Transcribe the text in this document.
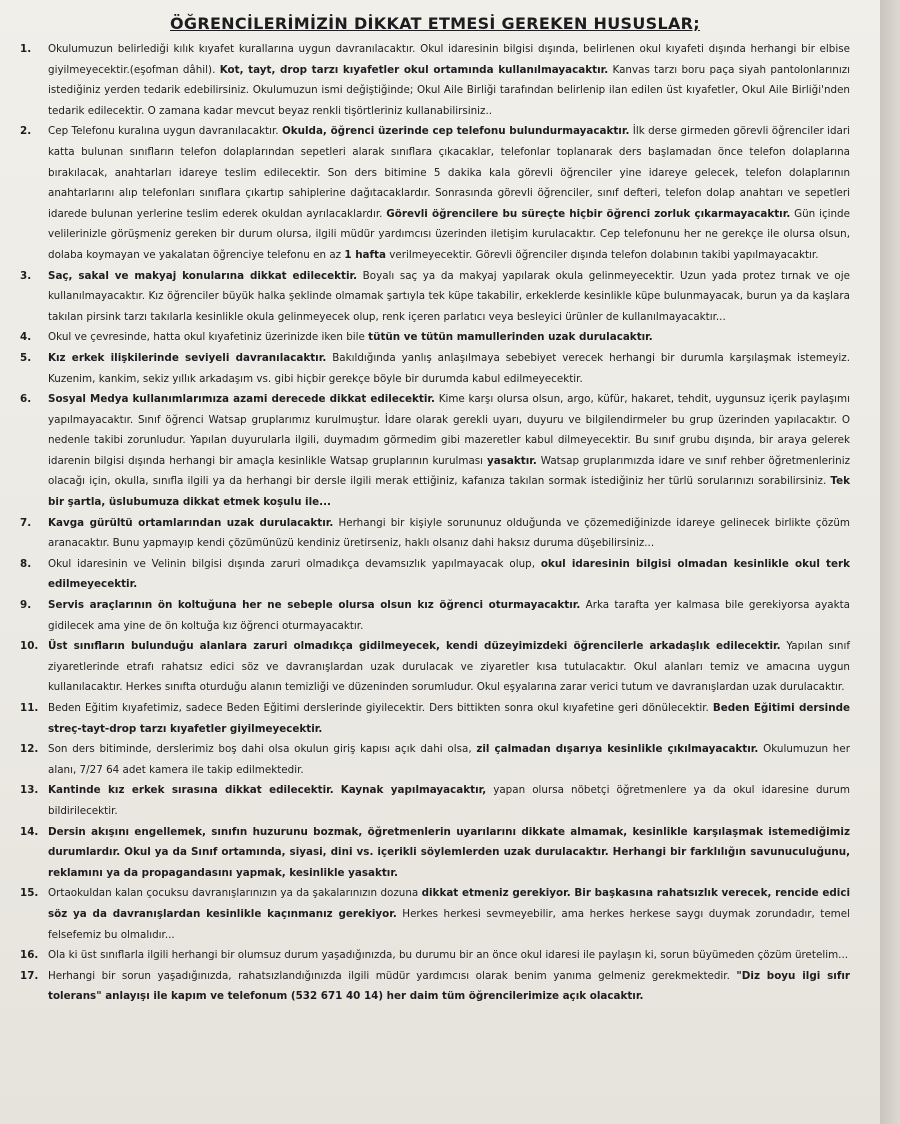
ÖĞRENCİLERİMİZİN DİKKAT ETMESİ GEREKEN HUSUSLAR;
1.	Okulumuzun belirlediği kılık kıyafet kurallarına uygun davranılacaktır. Okul idaresinin bilgisi dışında, belirlenen okul kıyafeti dışında herhangi bir elbise giyilmeyecektir.(eşofman dâhil). Kot, tayt, drop tarzı kıyafetler okul ortamında kullanılmayacaktır. Kanvas tarzı boru paça siyah pantolonlarınızı istediğiniz yerden tedarik edebilirsiniz. Okulumuzun ismi değiştiğinde; Okul Aile Birliği tarafından belirlenip ilan edilen üst kıyafetler, Okul Aile Birliği'nden tedarik edilecektir. O zamana kadar mevcut beyaz renkli tişörtleriniz kullanabilirsiniz..
2.	Cep Telefonu kuralına uygun davranılacaktır. Okulda, öğrenci üzerinde cep telefonu bulundurmayacaktır. İlk derse girmeden görevli öğrenciler idari katta bulunan sınıfların telefon dolaplarından sepetleri alarak sınıflara çıkacaklar, telefonlar toplanarak ders başlamadan önce telefon dolaplarına bırakılacak, anahtarları idareye teslim edilecektir. Son ders bitimine 5 dakika kala görevli öğrenciler yine idareye gelecek, telefon dolaplarının anahtarlarını alıp telefonları sınıflara çıkartıp sahiplerine dağıtacaklardır. Sonrasında görevli öğrenciler, sınıf defteri, telefon dolap anahtarı ve sepetleri idarede bulunan yerlerine teslim ederek okuldan ayrılacaklardır. Görevli öğrencilere bu süreçte hiçbir öğrenci zorluk çıkarmayacaktır. Gün içinde velilerinizle görüşmeniz gereken bir durum olursa, ilgili müdür yardımcısı üzerinden iletişim kurulacaktır. Cep telefonunu her ne gerekçe ile olursa olsun, dolaba koymayan ve yakalatan öğrenciye telefonu en az 1 hafta verilmeyecektir. Görevli öğrenciler dışında telefon dolabının takibi yapılmayacaktır.
3.	Saç, sakal ve makyaj konularına dikkat edilecektir. Boyalı saç ya da makyaj yapılarak okula gelinmeyecektir. Uzun yada protez tırnak ve oje kullanılmayacaktır. Kız öğrenciler büyük halka şeklinde olmamak şartıyla tek küpe takabilir, erkeklerde kesinlikle küpe bulunmayacak, burun ya da kaşlara takılan pirsink tarzı takılarla kesinlikle okula gelinmeyecek olup, renk içeren parlatıcı veya besleyici ürünler de kullanılmayacaktır...
4.	Okul ve çevresinde, hatta okul kıyafetiniz üzerinizde iken bile tütün ve tütün mamullerinden uzak durulacaktır.
5.	Kız erkek ilişkilerinde seviyeli davranılacaktır. Bakıldığında yanlış anlaşılmaya sebebiyet verecek herhangi bir durumla karşılaşmak istemeyiz. Kuzenim, kankim, sekiz yıllık arkadaşım vs. gibi hiçbir gerekçe böyle bir durumda kabul edilmeyecektir.
6.	Sosyal Medya kullanımlarımıza azami derecede dikkat edilecektir. Kime karşı olursa olsun, argo, küfür, hakaret, tehdit, uygunsuz içerik paylaşımı yapılmayacaktır. Sınıf öğrenci Watsap gruplarımız kurulmuştur. İdare olarak gerekli uyarı, duyuru ve bilgilendirmeler bu grup üzerinden yapılacaktır. O nedenle takibi zorunludur. Yapılan duyurularla ilgili, duymadım görmedim gibi mazeretler kabul dilmeyecektir. Bu sınıf grubu dışında, bir araya gelerek idarenin bilgisi dışında herhangi bir amaçla kesinlikle Watsap gruplarının kurulması yasaktır. Watsap gruplarımızda idare ve sınıf rehber öğretmenleriniz olacağı için, okulla, sınıfla ilgili ya da herhangi bir dersle ilgili merak ettiğiniz, kafanıza takılan sormak istediğiniz her türlü sorularınızı sorabilirsiniz. Tek bir şartla, üslubumuza dikkat etmek koşulu ile...
7.	Kavga gürültü ortamlarından uzak durulacaktır. Herhangi bir kişiyle sorununuz olduğunda ve çözemediğinizde idareye gelinecek birlikte çözüm aranacaktır. Bunu yapmayıp kendi çözümünüzü kendiniz üretirseniz, haklı olsanız dahi haksız duruma düşebilirsiniz...
8.	Okul idaresinin ve Velinin bilgisi dışında zaruri olmadıkça devamsızlık yapılmayacak olup, okul idaresinin bilgisi olmadan kesinlikle okul terk edilmeyecektir.
9.	Servis araçlarının ön koltuğuna her ne sebeple olursa olsun kız öğrenci oturmayacaktır. Arka tarafta yer kalmasa bile gerekiyorsa ayakta gidilecek ama yine de ön koltuğa kız öğrenci oturmayacaktır.
10. Üst sınıfların bulunduğu alanlara zaruri olmadıkça gidilmeyecek, kendi düzeyimizdeki öğrencilerle arkadaşlık edilecektir. Yapılan sınıf ziyaretlerinde etrafı rahatsız edici söz ve davranışlardan uzak durulacak ve ziyaretler kısa tutulacaktır. Okul alanları temiz ve amacına uygun kullanılacaktır. Herkes sınıfta oturduğu alanın temizliği ve düzeninden sorumludur. Okul eşyalarına zarar verici tutum ve davranışlardan uzak durulacaktır.
11. Beden Eğitim kıyafetimiz, sadece Beden Eğitimi derslerinde giyilecektir. Ders bittikten sonra okul kıyafetine geri dönülecektir. Beden Eğitimi dersinde streç-tayt-drop tarzı kıyafetler giyilmeyecektir.
12. Son ders bitiminde, derslerimiz boş dahi olsa okulun giriş kapısı açık dahi olsa, zil çalmadan dışarıya kesinlikle çıkılmayacaktır. Okulumuzun her alanı, 7/27 64 adet kamera ile takip edilmektedir.
13. Kantinde kız erkek sırasına dikkat edilecektir. Kaynak yapılmayacaktır, yapan olursa nöbetçi öğretmenlere ya da okul idaresine durum bildirilecektir.
14. Dersin akışını engellemek, sınıfın huzurunu bozmak, öğretmenlerin uyarılarını dikkate almamak, kesinlikle karşılaşmak istemediğimiz durumlardır. Okul ya da Sınıf ortamında, siyasi, dini vs. içerikli söylemlerden uzak durulacaktır. Herhangi bir farklılığın savunuculuğunu, reklamını ya da propagandasını yapmak, kesinlikle yasaktır.
15. Ortaokuldan kalan çocuksu davranışlarınızın ya da şakalarınızın dozuna dikkat etmeniz gerekiyor. Bir başkasına rahatsızlık verecek, rencide edici söz ya da davranışlardan kesinlikle kaçınmanız gerekiyor. Herkes herkesi sevmeyebilir, ama herkes herkese saygı duymak zorundadır, temel felsefemiz bu olmalıdır...
16. Ola ki üst sınıflarla ilgili herhangi bir olumsuz durum yaşadığınızda, bu durumu bir an önce okul idaresi ile paylaşın ki, sorun büyümeden çözüm üretelim...
17. Herhangi bir sorun yaşadığınızda, rahatsızlandığınızda ilgili müdür yardımcısı olarak benim yanıma gelmeniz gerekmektedir. "Diz boyu ilgi sıfır tolerans" anlayışı ile kapım ve telefonum (532 671 40 14) her daim tüm öğrencilerimize açık olacaktır.
